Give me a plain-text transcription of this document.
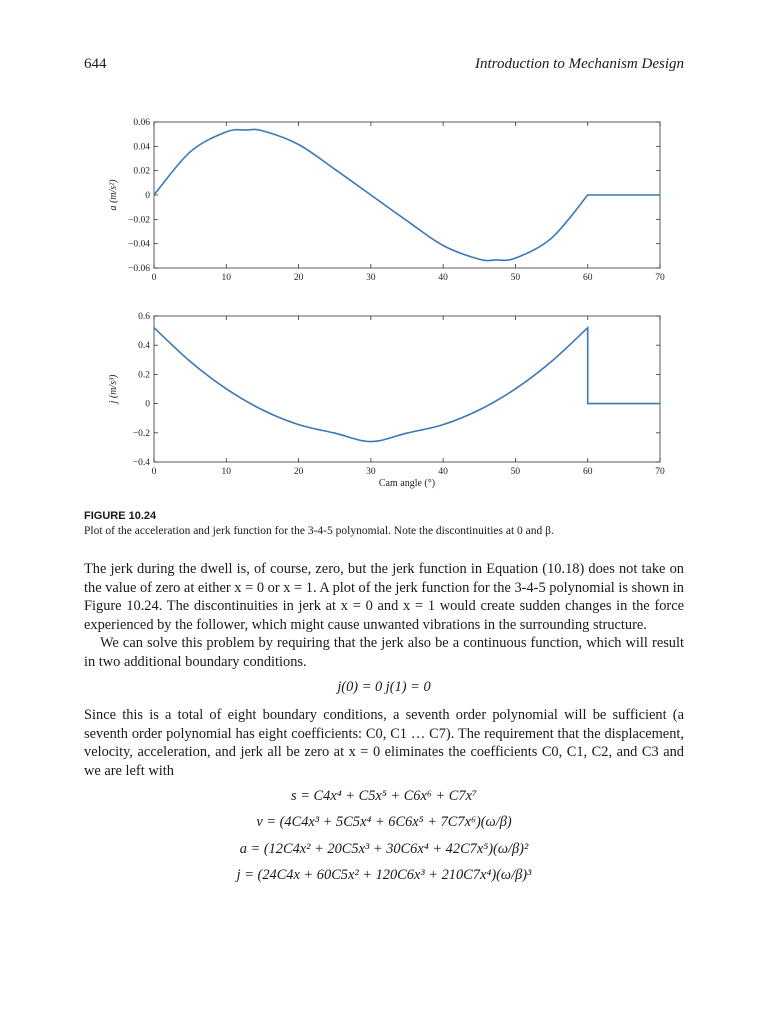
644	Introduction to Mechanism Design
0	10	20	30	40	50	60	70
−0.06
−0.04
−0.02
0
0.02
0.04
0.06
a (m/s²)
0	10	20	30	40	50	60	70
−0.4
−0.2
0
0.2
0.4
0.6
j (m/s³)
Cam angle (°)
FIGURE 10.24
Plot of the acceleration and jerk function for the 3-4-5 polynomial. Note the discontinuities at 0 and β.

The jerk during the dwell is, of course, zero, but the jerk function in Equation (10.18) does not take on the value of zero at either x = 0 or x = 1. A plot of the jerk function for the 3-4-5 polynomial is shown in Figure 10.24. The discontinuities in jerk at x = 0 and x = 1 would create sudden changes in the force experienced by the follower, which might cause unwanted vibrations in the surrounding structure.

We can solve this problem by requiring that the jerk also be a continuous function, which will result in two additional boundary conditions.

j(0) = 0 j(1) = 0

Since this is a total of eight boundary conditions, a seventh order polynomial will be sufficient (a seventh order polynomial has eight coefficients: C0, C1 … C7). The requirement that the displacement, velocity, acceleration, and jerk all be zero at x = 0 eliminates the coefficients C0, C1, C2, and C3 and we are left with

s = C4x⁴ + C5x⁵ + C6x⁶ + C7x⁷
v = (4C4x³ + 5C5x⁴ + 6C6x⁵ + 7C7x⁶)(ω/β)
a = (12C4x² + 20C5x³ + 30C6x⁴ + 42C7x⁵)(ω/β)²
j = (24C4x + 60C5x² + 120C6x³ + 210C7x⁴)(ω/β)³
